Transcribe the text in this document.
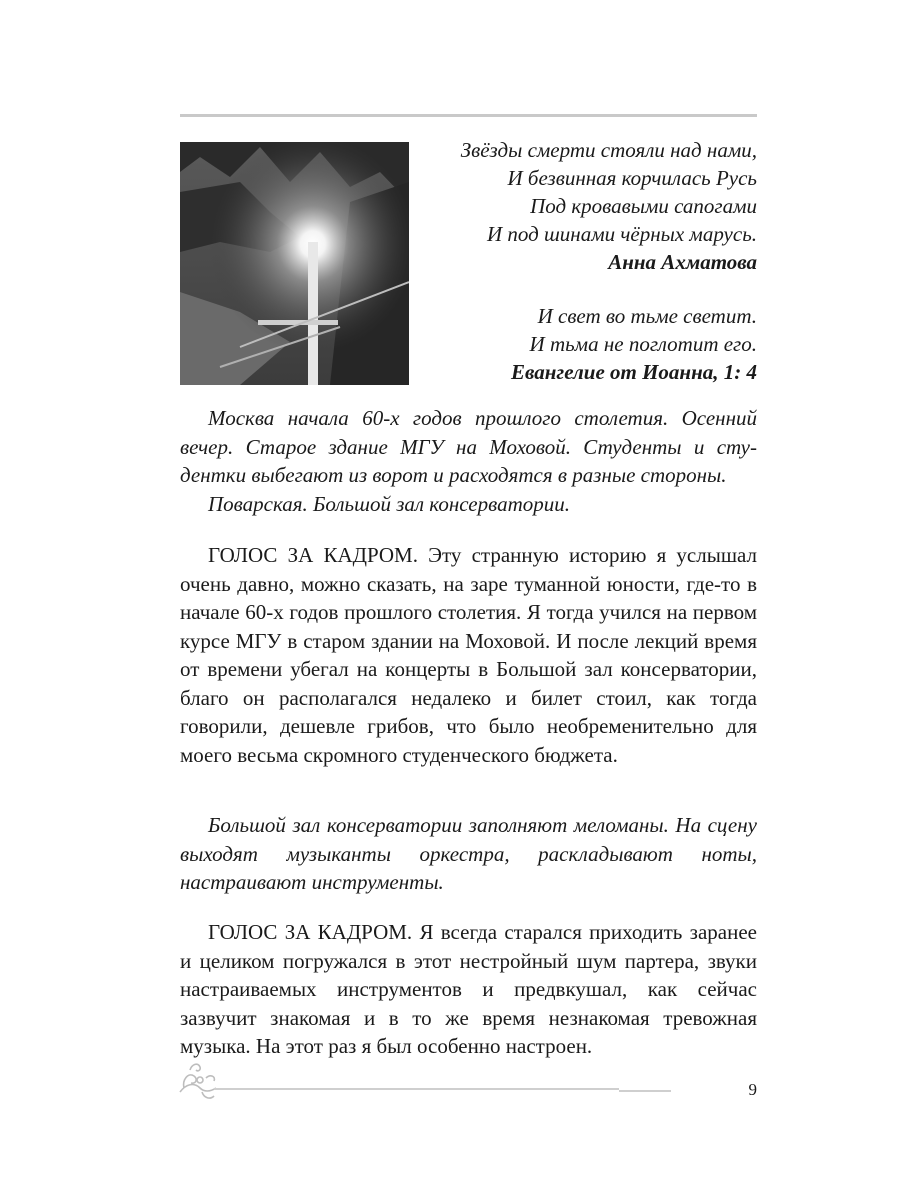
Звёзды смерти стояли над нами,

И безвинная корчилась Русь

Под кровавыми сапогами

И под шинами чёрных марусь.

Анна Ахматова

И свет во тьме светит.

И тьма не поглотит его.

Евангелие от Иоанна, 1: 4

Москва начала 60-х годов прошлого столетия. Осенний вечер. Старое здание МГУ на Моховой. Студенты и студентки выбегают из ворот и расходятся в разные стороны.

Поварская. Большой зал консерватории.

ГОЛОС ЗА КАДРОМ. Эту странную историю я услышал очень давно, можно сказать, на заре туманной юности, где-то в начале 60-х годов прошлого столетия. Я тогда учился на первом курсе МГУ в старом здании на Моховой. И после лекций время от времени убегал на концерты в Большой зал консерватории, благо он располагался недалеко и билет стоил, как тогда говорили, дешевле грибов, что было необременительно для моего весьма скромного студенческого бюджета.

Большой зал консерватории заполняют меломаны. На сцену выходят музыканты оркестра, раскладывают ноты, настраивают инструменты.

ГОЛОС ЗА КАДРОМ. Я всегда старался приходить заранее и целиком погружался в этот нестройный шум партера, звуки настраиваемых инструментов и предвкушал, как сейчас зазвучит знакомая и в то же время незнакомая тревожная музыка. На этот раз я был особенно настроен.

9
